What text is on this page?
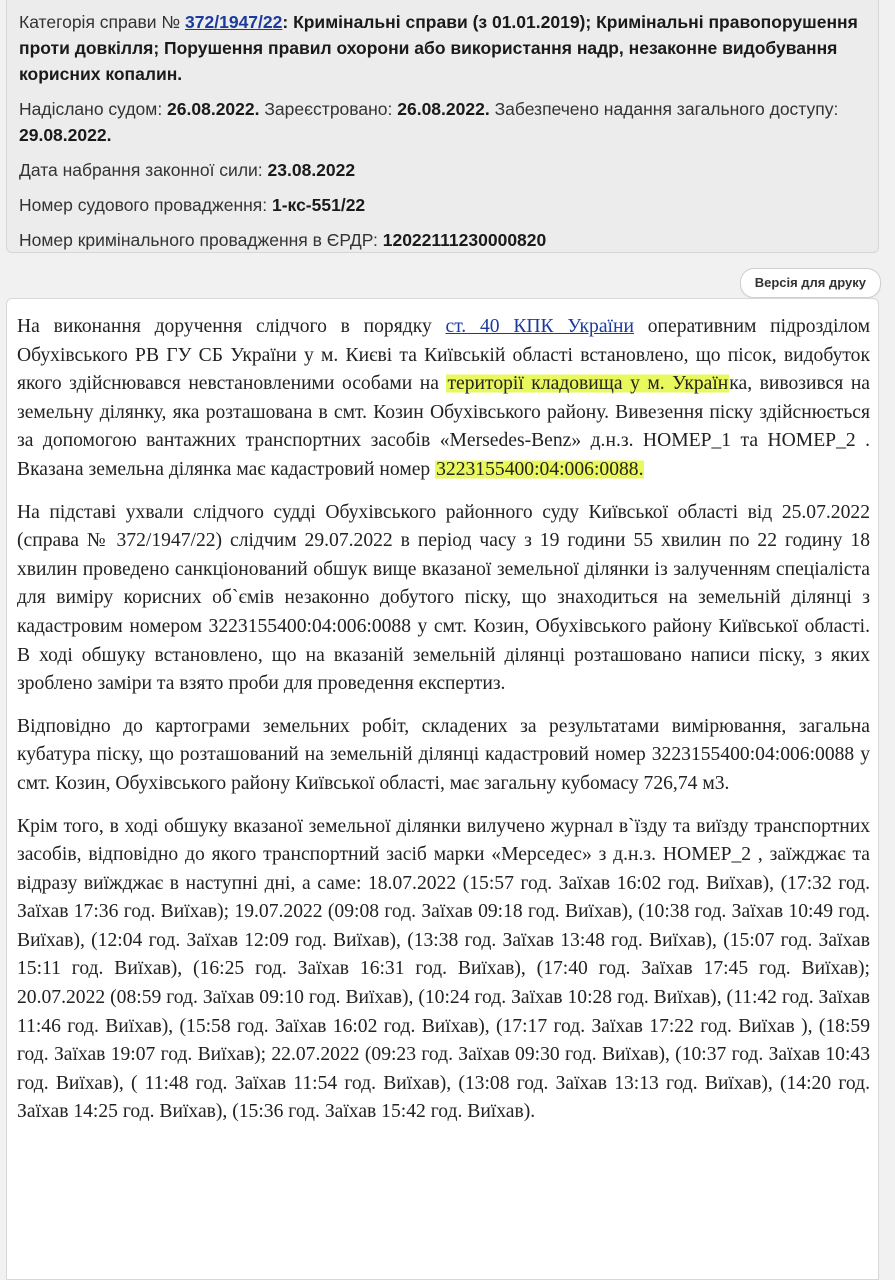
Категорія справи № 372/1947/22: Кримінальні справи (з 01.01.2019); Кримінальні правопорушення проти довкілля; Порушення правил охорони або використання надр, незаконне видобування корисних копалин.

Надіслано судом: 26.08.2022. Зареєстровано: 26.08.2022. Забезпечено надання загального доступу: 29.08.2022.

Дата набрання законної сили: 23.08.2022

Номер судового провадження: 1-кс-551/22

Номер кримінального провадження в ЄРДР: 12022111230000820

Версія для друку

На виконання доручення слідчого в порядку ст. 40 КПК України оперативним підрозділом Обухівського РВ ГУ СБ України у м. Києві та Київській області встановлено, що пісок, видобуток якого здійснювався невстановленими особами на території кладовища у м. Українка, вивозився на земельну ділянку, яка розташована в смт. Козин Обухівського району. Вивезення піску здійснюється за допомогою вантажних транспортних засобів «Mersedes-Benz» д.н.з. НОМЕР_1 та НОМЕР_2 . Вказана земельна ділянка має кадастровий номер 3223155400:04:006:0088.

На підставі ухвали слідчого судді Обухівського районного суду Київської області від 25.07.2022 (справа № 372/1947/22) слідчим 29.07.2022 в період часу з 19 години 55 хвилин по 22 годину 18 хвилин проведено санкціонований обшук вище вказаної земельної ділянки із залученням спеціаліста для виміру корисних об`ємів незаконно добутого піску, що знаходиться на земельній ділянці з кадастровим номером 3223155400:04:006:0088 у смт. Козин, Обухівського району Київської області. В ході обшуку встановлено, що на вказаній земельній ділянці розташовано написи піску, з яких зроблено заміри та взято проби для проведення експертиз.

Відповідно до картограми земельних робіт, складених за результатами вимірювання, загальна кубатура піску, що розташований на земельній ділянці кадастровий номер 3223155400:04:006:0088 у смт. Козин, Обухівського району Київської області, має загальну кубомасу 726,74 м3.

Крім того, в ході обшуку вказаної земельної ділянки вилучено журнал в`їзду та виїзду транспортних засобів, відповідно до якого транспортний засіб марки «Мерседес» з д.н.з. НОМЕР_2 , заїжджає та відразу виїжджає в наступні дні, а саме: 18.07.2022 (15:57 год. Заїхав 16:02 год. Виїхав), (17:32 год. Заїхав 17:36 год. Виїхав); 19.07.2022 (09:08 год. Заїхав 09:18 год. Виїхав), (10:38 год. Заїхав 10:49 год. Виїхав), (12:04 год. Заїхав 12:09 год. Виїхав), (13:38 год. Заїхав 13:48 год. Виїхав), (15:07 год. Заїхав 15:11 год. Виїхав), (16:25 год. Заїхав 16:31 год. Виїхав), (17:40 год. Заїхав 17:45 год. Виїхав); 20.07.2022 (08:59 год. Заїхав 09:10 год. Виїхав), (10:24 год. Заїхав 10:28 год. Виїхав), (11:42 год. Заїхав 11:46 год. Виїхав), (15:58 год. Заїхав 16:02 год. Виїхав), (17:17 год. Заїхав 17:22 год. Виїхав ), (18:59 год. Заїхав 19:07 год. Виїхав); 22.07.2022 (09:23 год. Заїхав 09:30 год. Виїхав), (10:37 год. Заїхав 10:43 год. Виїхав), ( 11:48 год. Заїхав 11:54 год. Виїхав), (13:08 год. Заїхав 13:13 год. Виїхав), (14:20 год. Заїхав 14:25 год. Виїхав), (15:36 год. Заїхав 15:42 год. Виїхав).
